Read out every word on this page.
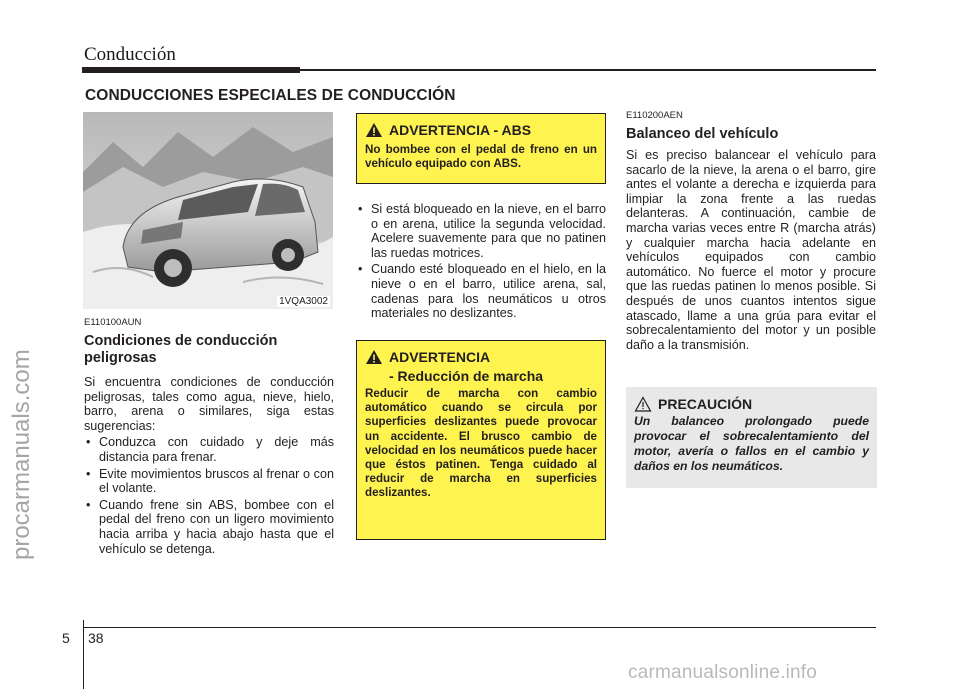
Conducción
procarmanuals.com
CONDUCCIONES ESPECIALES DE CONDUCCIÓN
1VQA3002
E110100AUN
Condiciones de conducción peligrosas
Si encuentra condiciones de conducción peligrosas, tales como agua, nieve, hielo, barro, arena o similares, siga estas sugerencias:
• Conduzca con cuidado y deje más distancia para frenar.
• Evite movimientos bruscos al frenar o con el volante.
• Cuando frene sin ABS, bombee con el pedal del freno con un ligero movimiento hacia arriba y hacia abajo hasta que el vehículo se detenga.
ADVERTENCIA - ABS
No bombee con el pedal de freno en un vehículo equipado con ABS.
• Si está bloqueado en la nieve, en el barro o en arena, utilice la segunda velocidad. Acelere suavemente para que no patinen las ruedas motrices.
• Cuando esté bloqueado en el hielo, en la nieve o en el barro, utilice arena, sal, cadenas para los neumáticos u otros materiales no deslizantes.
ADVERTENCIA
- Reducción de marcha
Reducir de marcha con cambio automático cuando se circula por superficies deslizantes puede provocar un accidente. El brusco cambio de velocidad en los neumáticos puede hacer que éstos patinen. Tenga cuidado al reducir de marcha en superficies deslizantes.
E110200AEN
Balanceo del vehículo
Si es preciso balancear el vehículo para sacarlo de la nieve, la arena o el barro, gire antes el volante a derecha e izquierda para limpiar la zona frente a las ruedas delanteras. A continuación, cambie de marcha varias veces entre R (marcha atrás) y cualquier marcha hacia adelante en vehículos equipados con cambio automático. No fuerce el motor y procure que las ruedas patinen lo menos posible. Si después de unos cuantos intentos sigue atascado, llame a una grúa para evitar el sobrecalentamiento del motor y un posible daño a la transmisión.
PRECAUCIÓN
Un balanceo prolongado puede provocar el sobrecalentamiento del motor, avería o fallos en el cambio y daños en los neumáticos.
5 38
carmanualsonline.info
